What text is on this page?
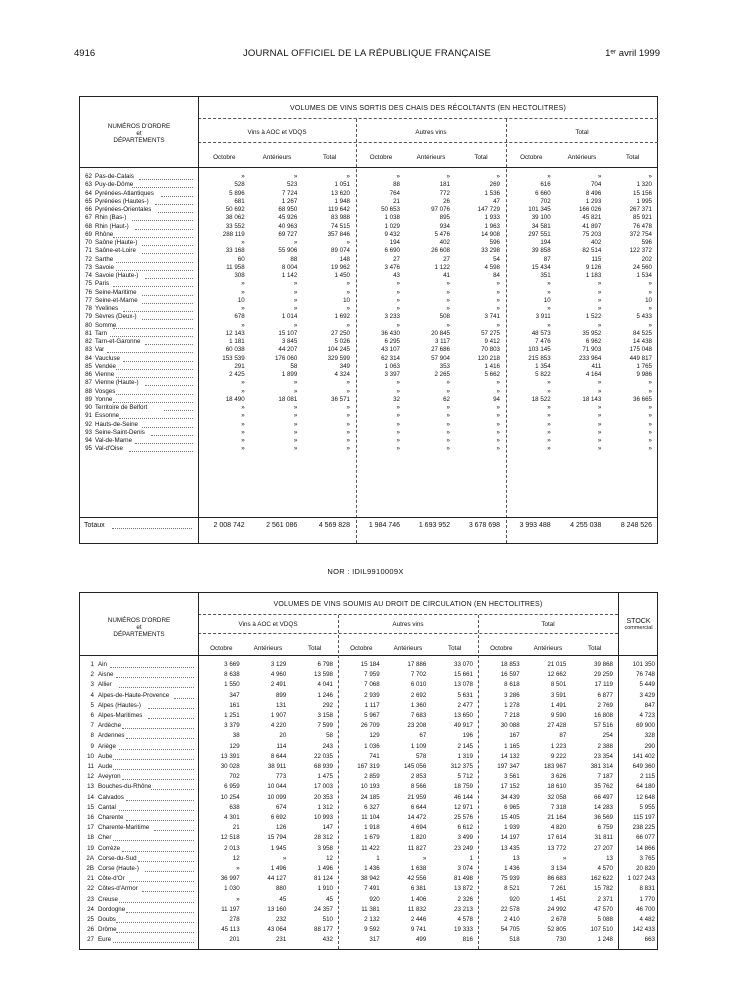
4916	JOURNAL OFFICIEL DE LA RÉPUBLIQUE FRANÇAISE	1ᵉʳ avril 1999
VOLUMES DE VINS SORTIS DES CHAIS DES RÉCOLTANTS (EN HECTOLITRES)
NUMÉROS D'ORDRE
et
DÉPARTEMENTS
Vins à AOC et VDQS	Autres vins	Total
Octobre	Antérieurs	Total	Octobre	Antérieurs	Total	Octobre	Antérieurs	Total
62 Pas-de-Calais	»	»	»	»	»	»	»	»	»
63 Puy-de-Dôme	528	523	1 051	88	181	269	616	704	1 320
64 Pyrénées-Atlantiques	5 896	7 724	13 620	764	772	1 536	6 660	8 496	15 156
65 Pyrénées (Hautes-)	681	1 267	1 948	21	26	47	702	1 293	1 995
66 Pyrénées-Orientales	50 692	68 950	119 642	50 653	97 076	147 729	101 345	166 026	267 371
67 Rhin (Bas-)	38 062	45 926	83 988	1 038	895	1 933	39 100	45 821	85 921
68 Rhin (Haut-)	33 552	40 963	74 515	1 029	934	1 963	34 581	41 897	76 478
69 Rhône	288 119	69 727	357 846	9 432	5 476	14 908	297 551	75 203	372 754
70 Saône (Haute-)	»	»	»	194	402	596	194	402	596
71 Saône-et-Loire	33 168	55 906	89 074	6 690	26 608	33 298	39 858	82 514	122 372
72 Sarthe	60	88	148	27	27	54	87	115	202
73 Savoie	11 958	8 004	19 962	3 476	1 122	4 598	15 434	9 126	24 560
74 Savoie (Haute-)	308	1 142	1 450	43	41	84	351	1 183	1 534
75 Paris	»	»	»	»	»	»	»	»	»
76 Seine-Maritime	»	»	»	»	»	»	»	»	»
77 Seine-et-Marne	10	»	10	»	»	»	10	»	10
78 Yvelines	»	»	»	»	»	»	»	»	»
79 Sèvres (Deux-)	678	1 014	1 692	3 233	508	3 741	3 911	1 522	5 433
80 Somme	»	»	»	»	»	»	»	»	»
81 Tarn	12 143	15 107	27 250	36 430	20 845	57 275	48 573	35 952	84 525
82 Tarn-et-Garonne	1 181	3 845	5 026	6 295	3 117	9 412	7 476	6 962	14 438
83 Var	60 038	44 207	104 245	43 107	27 686	70 803	103 145	71 903	175 048
84 Vaucluse	153 539	176 060	329 599	62 314	57 904	120 218	215 853	233 964	449 817
85 Vendée	291	58	349	1 063	353	1 416	1 354	411	1 765
86 Vienne	2 425	1 899	4 324	3 397	2 265	5 662	5 822	4 164	9 986
87 Vienne (Haute-)	»	»	»	»	»	»	»	»	»
88 Vosges	»	»	»	»	»	»	»	»	»
89 Yonne	18 490	18 081	36 571	32	62	94	18 522	18 143	36 665
90 Territoire de Belfort	»	»	»	»	»	»	»	»	»
91 Essonne	»	»	»	»	»	»	»	»	»
92 Hauts-de-Seine	»	»	»	»	»	»	»	»	»
93 Seine-Saint-Denis	»	»	»	»	»	»	»	»	»
94 Val-de-Marne	»	»	»	»	»	»	»	»	»
95 Val-d'Oise	»	»	»	»	»	»	»	»	»
Totaux	2 008 742	2 561 086	4 569 828	1 984 746	1 693 952	3 678 698	3 993 488	4 255 038	8 248 526
NOR : IDIL9910009X
VOLUMES DE VINS SOUMIS AU DROIT DE CIRCULATION (EN HECTOLITRES)
NUMÉROS D'ORDRE
et
DÉPARTEMENTS
Vins à AOC et VDQS	Autres vins	Total	STOCK
commercial
Octobre	Antérieurs	Total	Octobre	Antérieurs	Total	Octobre	Antérieurs	Total
1 Ain	3 669	3 129	6 798	15 184	17 886	33 070	18 853	21 015	39 868	101 350
2 Aisne	8 638	4 960	13 598	7 959	7 702	15 661	16 597	12 662	29 259	76 748
3 Allier	1 550	2 491	4 041	7 068	6 010	13 078	8 618	8 501	17 119	5 449
4 Alpes-de-Haute-Provence	347	899	1 246	2 939	2 692	5 631	3 286	3 591	6 877	3 429
5 Alpes (Hautes-)	161	131	292	1 117	1 360	2 477	1 278	1 491	2 769	847
6 Alpes-Maritimes	1 251	1 907	3 158	5 967	7 683	13 650	7 218	9 590	16 808	4 723
7 Ardèche	3 379	4 220	7 599	26 709	23 208	49 917	30 088	27 428	57 516	69 900
8 Ardennes	38	20	58	129	67	196	167	87	254	328
9 Ariège	129	114	243	1 036	1 109	2 145	1 165	1 223	2 388	290
10 Aube	13 391	8 644	22 035	741	578	1 319	14 132	9 222	23 354	141 402
11 Aude	30 028	38 911	68 939	167 319	145 056	312 375	197 347	183 967	381 314	649 360
12 Aveyron	702	773	1 475	2 859	2 853	5 712	3 561	3 626	7 187	2 115
13 Bouches-du-Rhône	6 959	10 044	17 003	10 193	8 566	18 759	17 152	18 610	35 762	64 180
14 Calvados	10 254	10 099	20 353	24 185	21 959	46 144	34 439	32 058	66 497	12 648
15 Cantal	638	674	1 312	6 327	6 644	12 971	6 965	7 318	14 283	5 955
16 Charente	4 301	6 692	10 993	11 104	14 472	25 576	15 405	21 164	36 569	115 197
17 Charente-Maritime	21	126	147	1 918	4 694	6 612	1 939	4 820	6 759	238 225
18 Cher	12 518	15 794	28 312	1 679	1 820	3 499	14 197	17 614	31 811	66 077
19 Corrèze	2 013	1 945	3 958	11 422	11 827	23 249	13 435	13 772	27 207	14 866
2A Corse-du-Sud	12	»	12	1	»	1	13	»	13	3 765
2B Corse (Haute-)	»	1 496	1 496	1 436	1 638	3 074	1 436	3 134	4 570	20 820
21 Côte-d'Or	36 997	44 127	81 124	38 942	42 556	81 498	75 939	86 683	162 622	1 027 243
22 Côtes-d'Armor	1 030	880	1 910	7 491	6 381	13 872	8 521	7 261	15 782	8 831
23 Creuse	»	45	45	920	1 406	2 326	920	1 451	2 371	1 770
24 Dordogne	11 197	13 160	24 357	11 381	11 832	23 213	22 578	24 992	47 570	46 700
25 Doubs	278	232	510	2 132	2 446	4 578	2 410	2 678	5 088	4 482
26 Drôme	45 113	43 064	88 177	9 592	9 741	19 333	54 705	52 805	107 510	142 433
27 Eure	201	231	432	317	499	816	518	730	1 248	663
